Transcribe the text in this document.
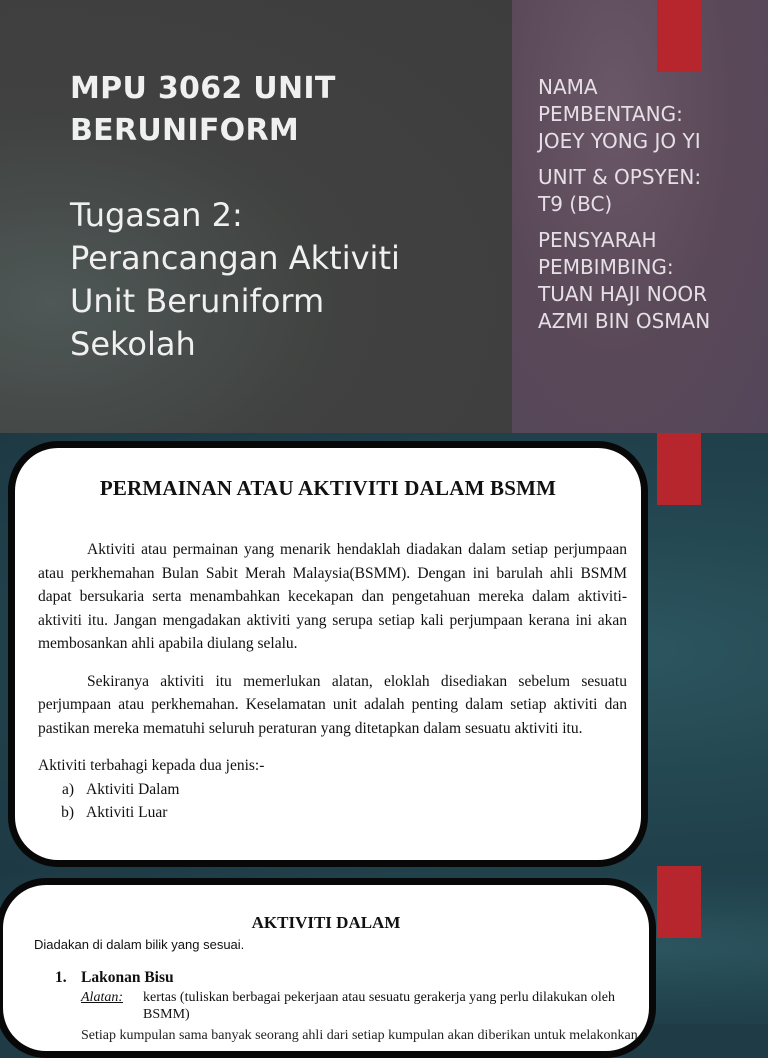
MPU 3062 UNIT
BERUNIFORM

Tugasan 2:
Perancangan Aktiviti
Unit Beruniform
Sekolah

NAMA
PEMBENTANG:
JOEY YONG JO YI
UNIT & OPSYEN:
T9 (BC)
PENSYARAH
PEMBIMBING:
TUAN HAJI NOOR
AZMI BIN OSMAN
PERMAINAN ATAU AKTIVITI DALAM BSMM

Aktiviti atau permainan yang menarik hendaklah diadakan dalam setiap perjumpaan atau perkhemahan Bulan Sabit Merah Malaysia(BSMM). Dengan ini barulah ahli BSMM dapat bersukaria serta menambahkan kecekapan dan pengetahuan mereka dalam aktiviti-aktiviti itu. Jangan mengadakan aktiviti yang serupa setiap kali perjumpaan kerana ini akan membosankan ahli apabila diulang selalu.

Sekiranya aktiviti itu memerlukan alatan, eloklah disediakan sebelum sesuatu perjumpaan atau perkhemahan. Keselamatan unit adalah penting dalam setiap aktiviti dan pastikan mereka mematuhi seluruh peraturan yang ditetapkan dalam sesuatu aktiviti itu.

Aktiviti terbahagi kepada dua jenis:-

a) Aktiviti Dalam
b) Aktiviti Luar
AKTIVITI DALAM
Diadakan di dalam bilik yang sesuai.
1. Lakonan Bisu
Alatan:	kertas (tuliskan berbagai pekerjaan atau sesuatu gerakerja yang perlu dilakukan oleh BSMM)
Setiap kumpulan sama banyak seorang ahli dari setiap kumpulan akan diberikan untuk melakonkan
